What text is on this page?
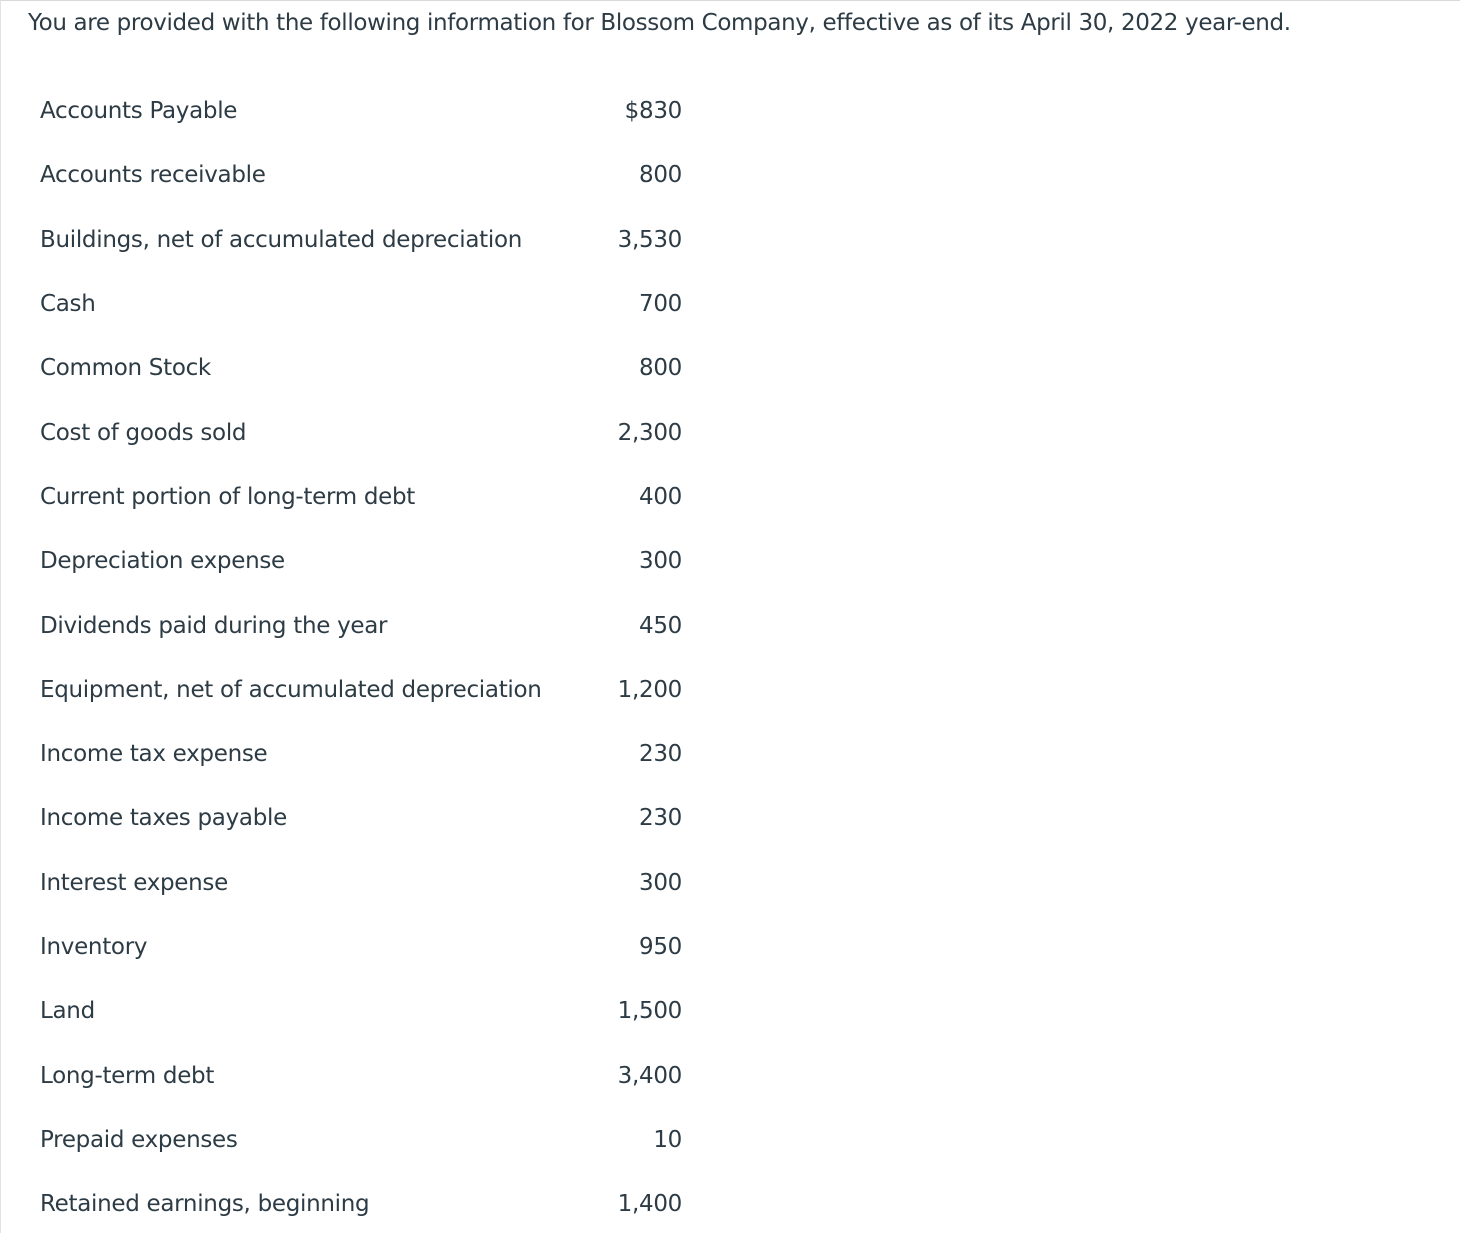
You are provided with the following information for Blossom Company, effective as of its April 30, 2022 year-end.
Accounts Payable	$830
Accounts receivable	800
Buildings, net of accumulated depreciation	3,530
Cash	700
Common Stock	800
Cost of goods sold	2,300
Current portion of long-term debt	400
Depreciation expense	300
Dividends paid during the year	450
Equipment, net of accumulated depreciation	1,200
Income tax expense	230
Income taxes payable	230
Interest expense	300
Inventory	950
Land	1,500
Long-term debt	3,400
Prepaid expenses	10
Retained earnings, beginning	1,400
